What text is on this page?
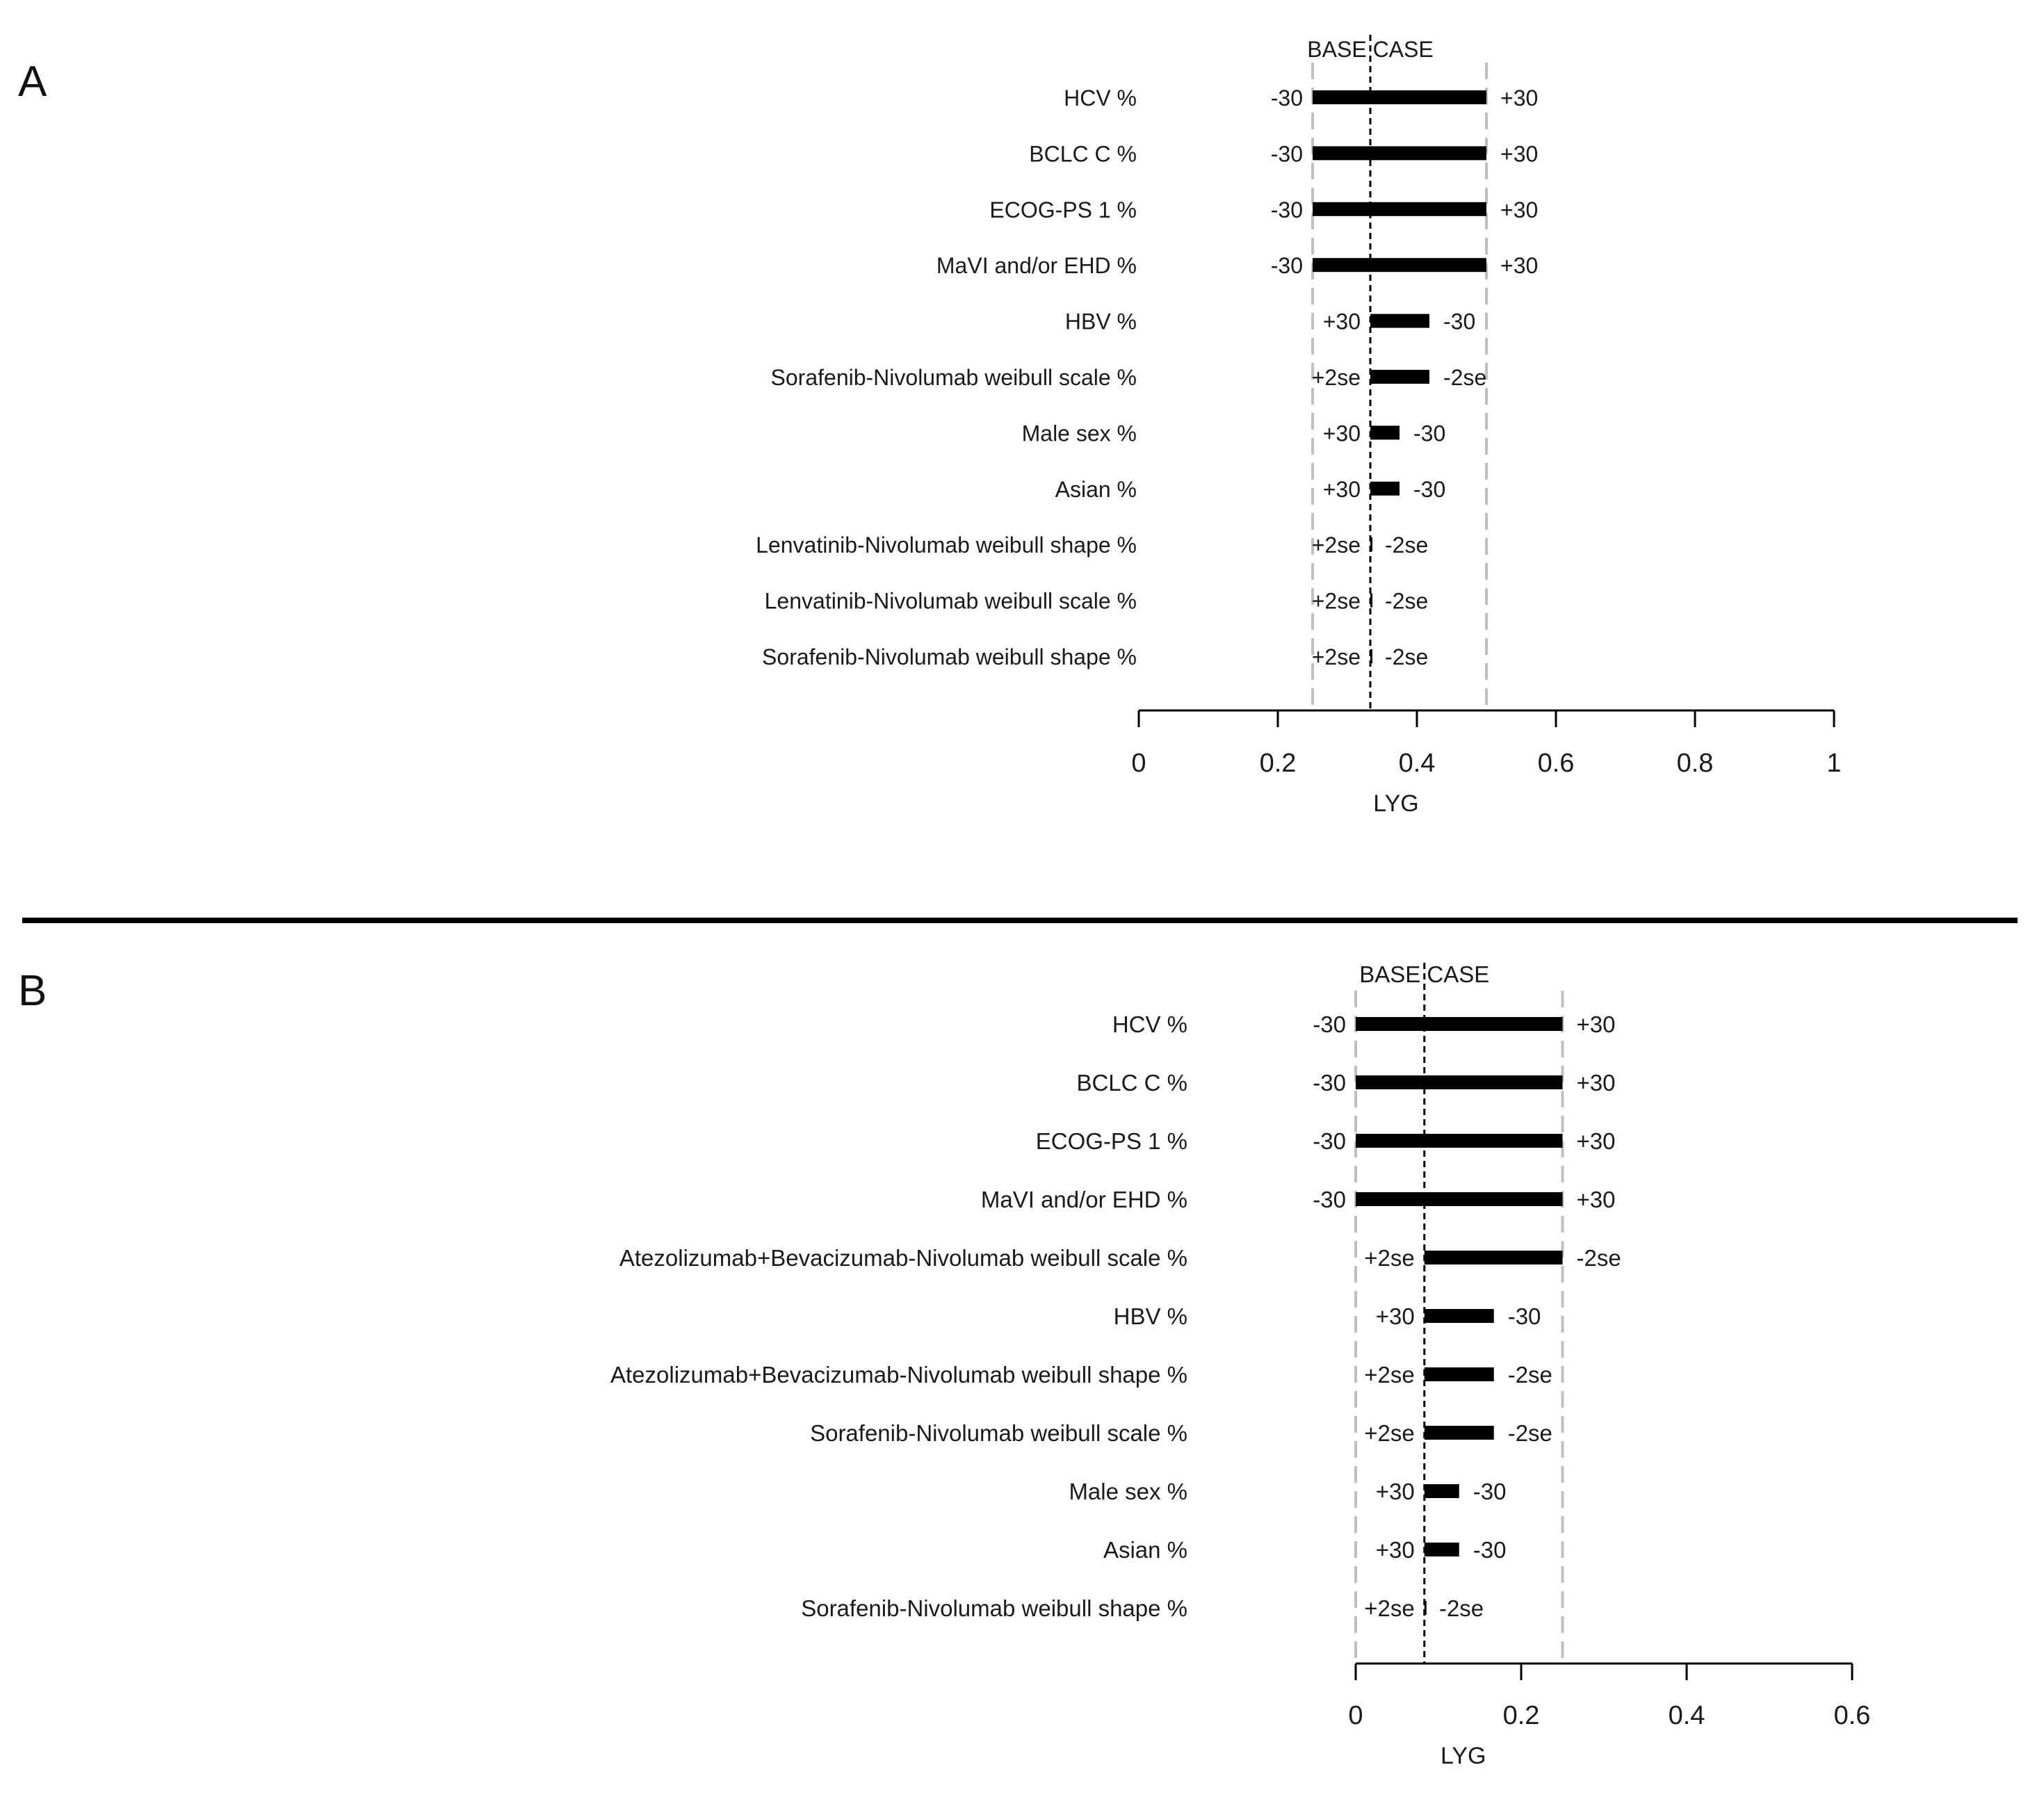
A
B
HCV %	-30	+30
BCLC C %	-30	+30
ECOG-PS 1 %	-30	+30
MaVI and/or EHD %	-30	+30
HBV %	+30	-30
Sorafenib-Nivolumab weibull scale %	+2se	-2se
Male sex %	+30 -30
Asian %	+30 -30
Lenvatinib-Nivolumab weibull shape %	+2se -2se
Lenvatinib-Nivolumab weibull scale %	+2se -2se
Sorafenib-Nivolumab weibull shape %	+2se -2se
BASE CASE
0	0.2	0.4	0.6	0.8	1
LYG
HCV %	-30	+30
BCLC C %	-30	+30
ECOG-PS 1 %	-30	+30
MaVI and/or EHD %	-30	+30
Atezolizumab+Bevacizumab-Nivolumab weibull scale %	+2se	-2se
HBV %	+30	-30
Atezolizumab+Bevacizumab-Nivolumab weibull shape %	+2se	-2se
Sorafenib-Nivolumab weibull scale %	+2se	-2se
Male sex %	+30	-30
Asian %	+30	-30
Sorafenib-Nivolumab weibull shape %	+2se -2se
BASE CASE
0	0.2	0.4	0.6
LYG
